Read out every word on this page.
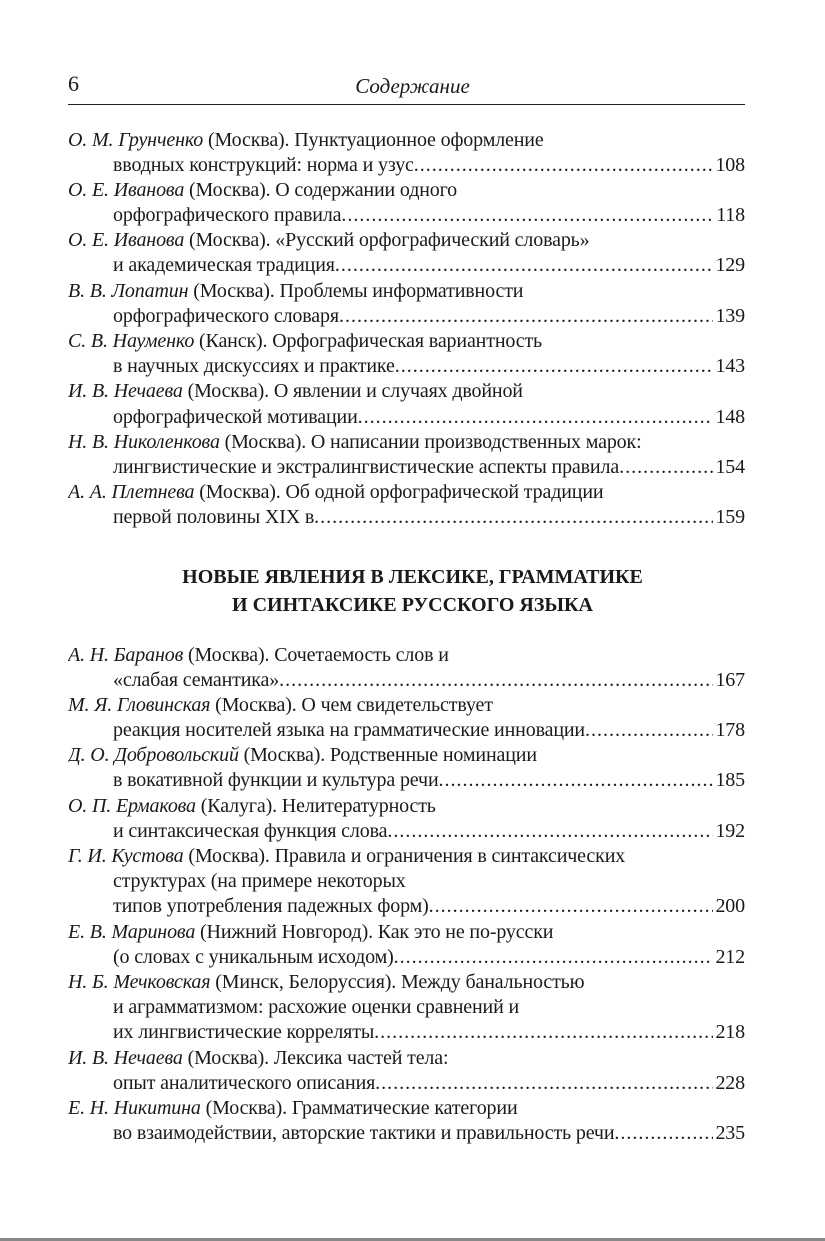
6	Содержание
О. М. Грунченко (Москва). Пунктуационное оформление
вводных конструкций: норма и узус .....	108
О. Е. Иванова (Москва). О содержании одного
орфографического правила .....	118
О. Е. Иванова (Москва). «Русский орфографический словарь»
и академическая традиция .....	129
В. В. Лопатин (Москва). Проблемы информативности
орфографического словаря .....	139
С. В. Науменко (Канск). Орфографическая вариантность
в научных дискуссиях и практике .....	143
И. В. Нечаева (Москва). О явлении и случаях двойной
орфографической мотивации .....	148
Н. В. Николенкова (Москва). О написании производственных марок:
лингвистические и экстралингвистические аспекты правила .....	154
А. А. Плетнева (Москва). Об одной орфографической традиции
первой половины XIX в .....	159
НОВЫЕ ЯВЛЕНИЯ В ЛЕКСИКЕ, ГРАММАТИКЕ
И СИНТАКСИКЕ РУССКОГО ЯЗЫКА
А. Н. Баранов (Москва). Сочетаемость слов и
«слабая семантика» .....	167
М. Я. Гловинская (Москва). О чем свидетельствует
реакция носителей языка на грамматические инновации .....	178
Д. О. Добровольский (Москва). Родственные номинации
в вокативной функции и культура речи .....	185
О. П. Ермакова (Калуга). Нелитературность
и синтаксическая функция слова .....	192
Г. И. Кустова (Москва). Правила и ограничения в синтаксических
структурах (на примере некоторых
типов употребления падежных форм) .....	200
Е. В. Маринова (Нижний Новгород). Как это не по-русски
(о словах с уникальным исходом) .....	212
Н. Б. Мечковская (Минск, Белоруссия). Между банальностью
и аграмматизмом: расхожие оценки сравнений и
их лингвистические корреляты .....	218
И. В. Нечаева (Москва). Лексика частей тела:
опыт аналитического описания .....	228
Е. Н. Никитина (Москва). Грамматические категории
во взаимодействии, авторские тактики и правильность речи .....	235
